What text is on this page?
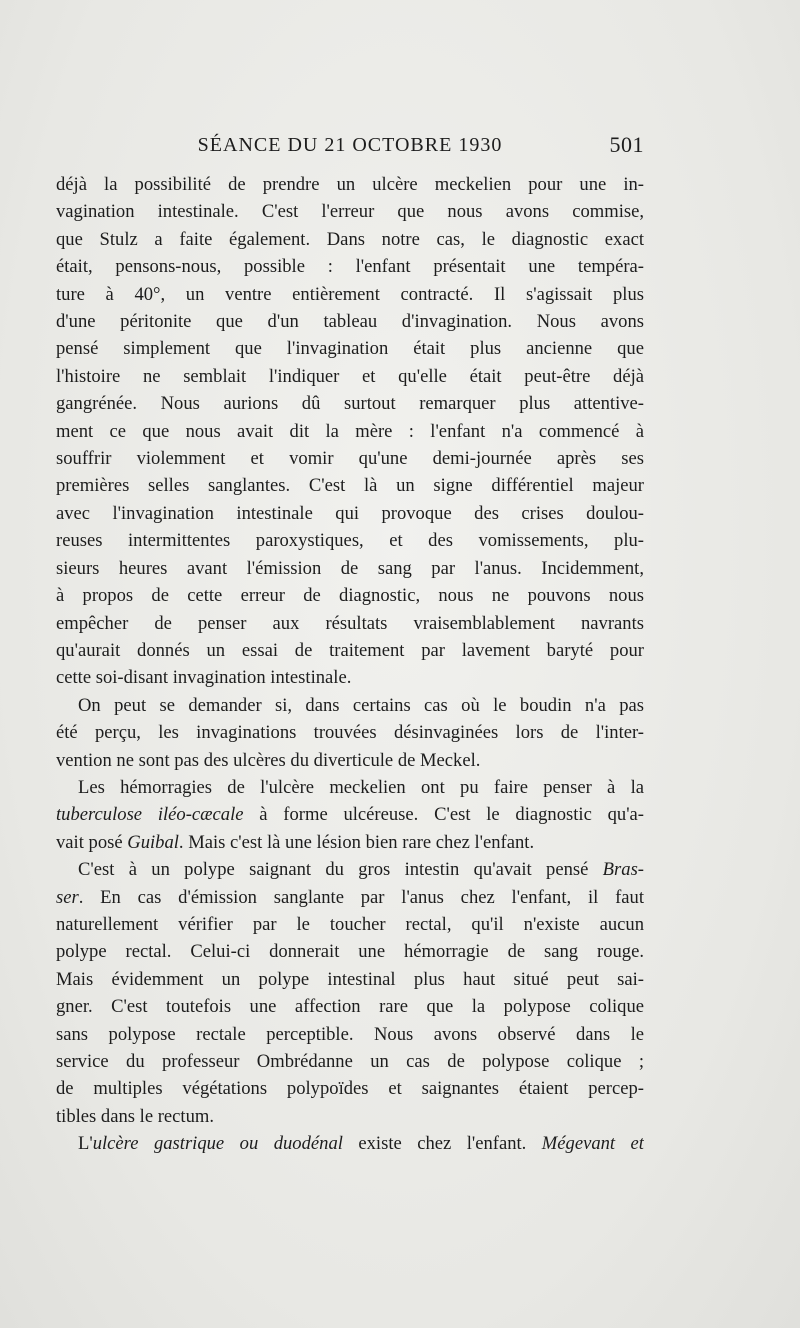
SÉANCE DU 21 OCTOBRE 1930	501

déjà la possibilité de prendre un ulcère meckelien pour une in-
vagination intestinale. C'est l'erreur que nous avons commise,
que Stulz a faite également. Dans notre cas, le diagnostic exact
était, pensons-nous, possible : l'enfant présentait une tempéra-
ture à 40°, un ventre entièrement contracté. Il s'agissait plus
d'une péritonite que d'un tableau d'invagination. Nous avons
pensé simplement que l'invagination était plus ancienne que
l'histoire ne semblait l'indiquer et qu'elle était peut-être déjà
gangrénée. Nous aurions dû surtout remarquer plus attentive-
ment ce que nous avait dit la mère : l'enfant n'a commencé à
souffrir violemment et vomir qu'une demi-journée après ses
premières selles sanglantes. C'est là un signe différentiel majeur
avec l'invagination intestinale qui provoque des crises doulou-
reuses intermittentes paroxystiques, et des vomissements, plu-
sieurs heures avant l'émission de sang par l'anus. Incidemment,
à propos de cette erreur de diagnostic, nous ne pouvons nous
empêcher de penser aux résultats vraisemblablement navrants
qu'aurait donnés un essai de traitement par lavement baryté pour
cette soi-disant invagination intestinale.

On peut se demander si, dans certains cas où le boudin n'a pas
été perçu, les invaginations trouvées désinvaginées lors de l'inter-
vention ne sont pas des ulcères du diverticule de Meckel.

Les hémorragies de l'ulcère meckelien ont pu faire penser à la
tuberculose iléo-cæcale à forme ulcéreuse. C'est le diagnostic qu'a-
vait posé Guibal. Mais c'est là une lésion bien rare chez l'enfant.

C'est à un polype saignant du gros intestin qu'avait pensé Bras-
ser. En cas d'émission sanglante par l'anus chez l'enfant, il faut
naturellement vérifier par le toucher rectal, qu'il n'existe aucun
polype rectal. Celui-ci donnerait une hémorragie de sang rouge.
Mais évidemment un polype intestinal plus haut situé peut sai-
gner. C'est toutefois une affection rare que la polypose colique
sans polypose rectale perceptible. Nous avons observé dans le
service du professeur Ombrédanne un cas de polypose colique ;
de multiples végétations polypoïdes et saignantes étaient percep-
tibles dans le rectum.

L'ulcère gastrique ou duodénal existe chez l'enfant. Mégevant et
